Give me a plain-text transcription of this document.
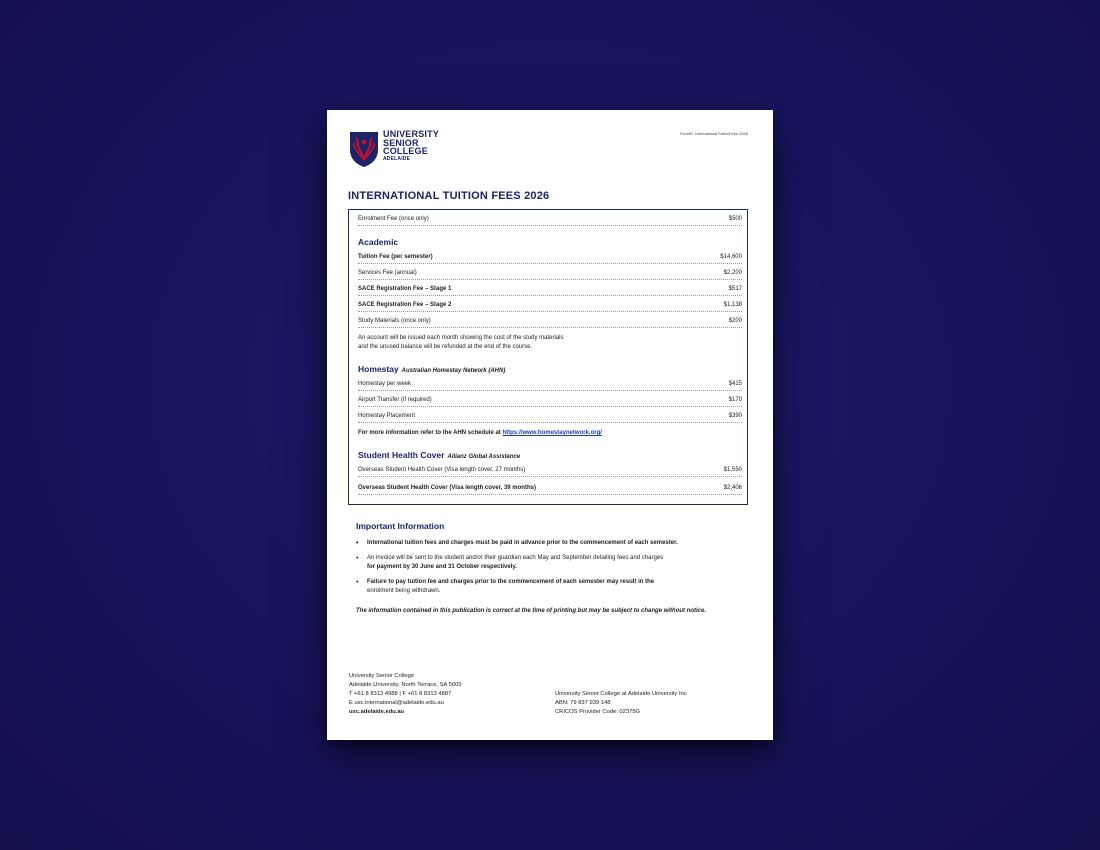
UNIVERSITY
SENIOR
COLLEGE
ADELAIDE
FormID: InternationalTuitionFees 2026
INTERNATIONAL TUITION FEES 2026
Enrolment Fee (once only)	$500
Academic
Tuition Fee (per semester)	$14,600
Services Fee (annual)	$2,200
SACE Registration Fee – Stage 1	$517
SACE Registration Fee – Stage 2	$1,138
Study Materials (once only)	$200
An account will be issued each month showing the cost of the study materials
and the unused balance will be refunded at the end of the course.
Homestay Australian Homestay Network (AHN)
Homestay per week	$415
Airport Transfer (if required)	$170
Homestay Placement	$390
For more information refer to the AHN schedule at https://www.homestaynetwork.org/
Student Health Cover Allianz Global Assistance
Overseas Student Health Cover (Visa length cover, 27 months)	$1,550
Overseas Student Health Cover (Visa length cover, 39 months)	$2,406
Important Information
• International tuition fees and charges must be paid in advance prior to the commencement of each semester.
• An invoice will be sent to the student and/or their guardian each May and September detailing fees and charges
for payment by 30 June and 31 October respectively.
• Failure to pay tuition fee and charges prior to the commencement of each semester may result in the
enrolment being withdrawn.
The information contained in this publication is correct at the time of printing but may be subject to change without notice.
University Senior College
Adelaide University, North Terrace, SA 5005
T +61 8 8313 4988 | F +61 8 8313 4887
E usc.international@adelaide.edu.au
usc.adelaide.edu.au
University Senior College at Adelaide University Inc
ABN: 79 837 939 148
CRICOS Provider Code: 02375G
